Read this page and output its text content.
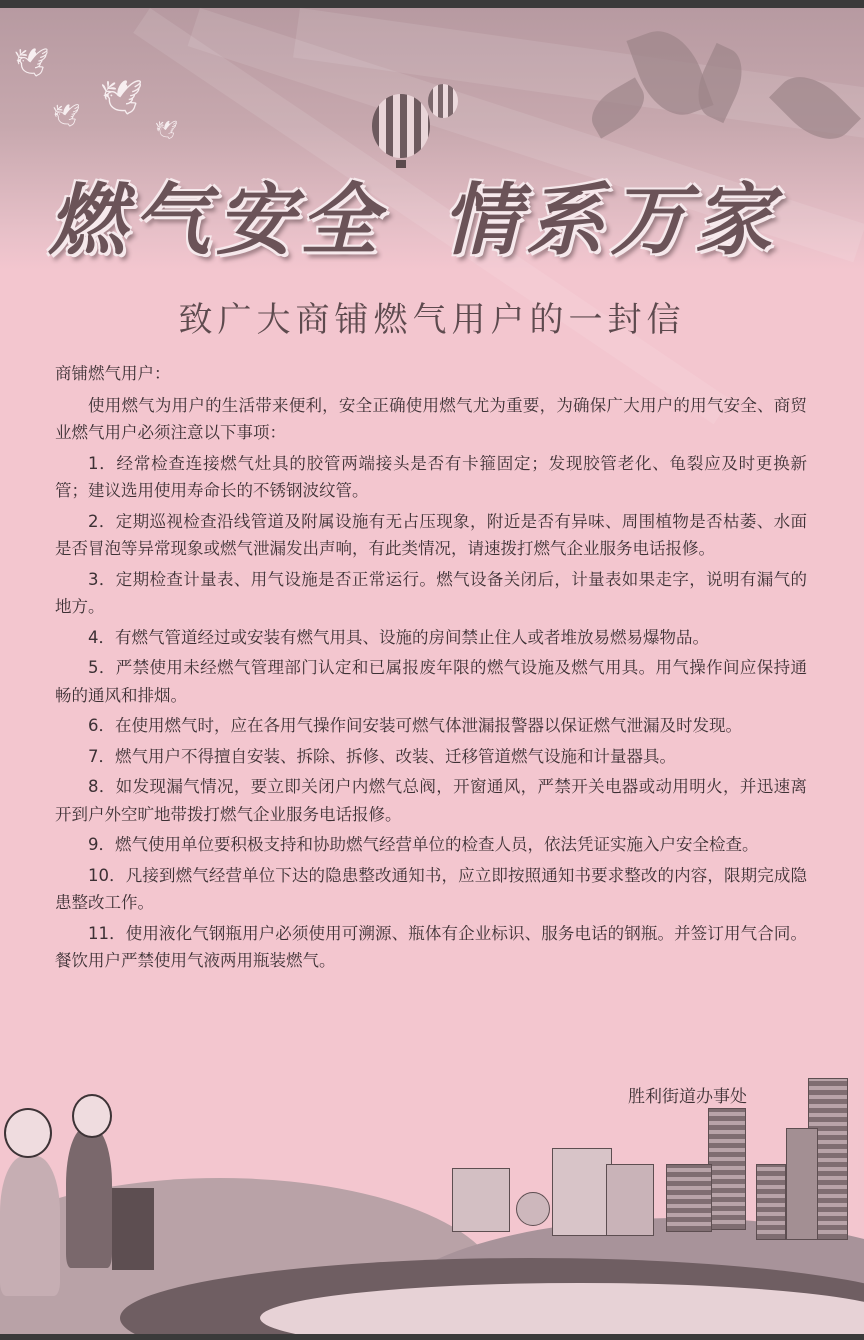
🕊
🕊
🕊
🕊
燃气安全 情系万家
致广大商铺燃气用户的一封信

商铺燃气用户：

使用燃气为用户的生活带来便利，安全正确使用燃气尤为重要，为确保广大用户的用气安全、商贸业燃气用户必须注意以下事项：

1．经常检查连接燃气灶具的胶管两端接头是否有卡箍固定；发现胶管老化、龟裂应及时更换新管；建议选用使用寿命长的不锈钢波纹管。

2．定期巡视检查沿线管道及附属设施有无占压现象，附近是否有异味、周围植物是否枯萎、水面是否冒泡等异常现象或燃气泄漏发出声响，有此类情况，请速拨打燃气企业服务电话报修。

3．定期检查计量表、用气设施是否正常运行。燃气设备关闭后，计量表如果走字，说明有漏气的地方。

4．有燃气管道经过或安装有燃气用具、设施的房间禁止住人或者堆放易燃易爆物品。

5．严禁使用未经燃气管理部门认定和已属报废年限的燃气设施及燃气用具。用气操作间应保持通畅的通风和排烟。

6．在使用燃气时，应在各用气操作间安装可燃气体泄漏报警器以保证燃气泄漏及时发现。

7．燃气用户不得擅自安装、拆除、拆修、改装、迁移管道燃气设施和计量器具。

8．如发现漏气情况，要立即关闭户内燃气总阀，开窗通风，严禁开关电器或动用明火，并迅速离开到户外空旷地带拨打燃气企业服务电话报修。

9．燃气使用单位要积极支持和协助燃气经营单位的检查人员，依法凭证实施入户安全检查。

10．凡接到燃气经营单位下达的隐患整改通知书，应立即按照通知书要求整改的内容，限期完成隐患整改工作。

11．使用液化气钢瓶用户必须使用可溯源、瓶体有企业标识、服务电话的钢瓶。并签订用气合同。餐饮用户严禁使用气液两用瓶装燃气。

胜利街道办事处
